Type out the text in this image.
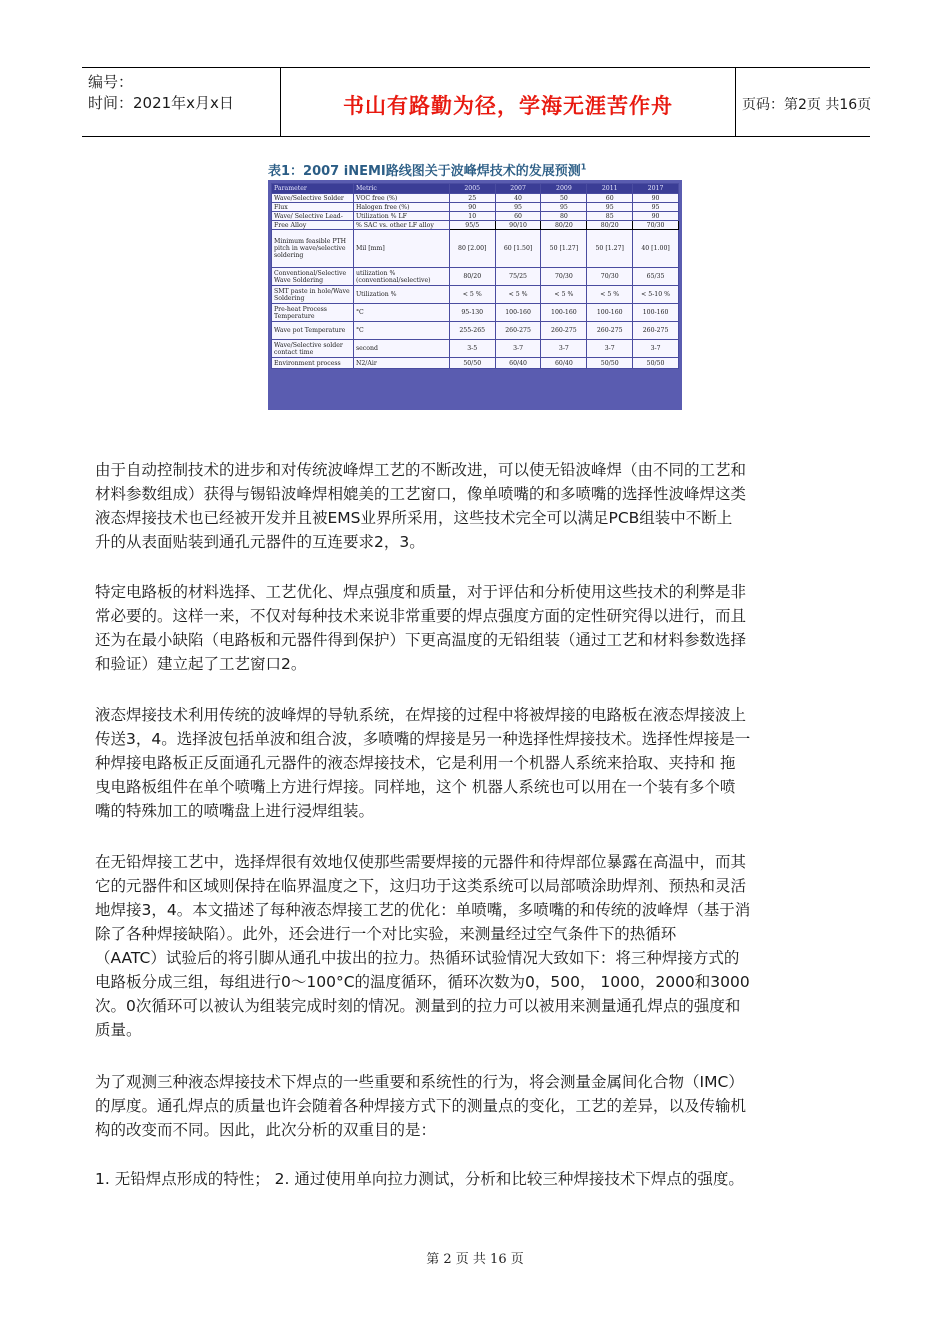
编号：
时间：2021年x月x日	书山有路勤为径，学海无涯苦作舟	页码：第2页 共16页
表1：2007 iNEMI路线图关于波峰焊技术的发展预测$^1$
Parameter	Metric	2005	2007	2009	2011	2017
Wave/Selective Solder	VOC free (%)	25	40	50	60	90
Flux	Halogen free (%)	90	95	95	95	95
Wave/ Selective Lead-	Utilization % LF	10	60	80	85	90
Free Alloy	% SAC vs. other LF alloy	95/5	90/10	80/20	80/20	70/30
Minimum feasible PTH pitch in wave/selective soldering	Mil [mm]	80 [2.00]	60 [1.50]	50 [1.27]	50 [1.27]	40 [1.00]
Conventional/Selective Wave Soldering	utilization % (conventional/selective)	80/20	75/25	70/30	70/30	65/35
SMT paste in hole/Wave Soldering	Utilization %	< 5 %	< 5 %	< 5 %	< 5 %	< 5-10 %
Pre-heat Process Temperature	°C	95-130	100-160	100-160	100-160	100-160
Wave pot Temperature	°C	255-265	260-275	260-275	260-275	260-275
Wave/Selective solder contact time	second	3-5	3-7	3-7	3-7	3-7
Environment process	N2/Air	50/50	60/40	60/40	50/50	50/50
由于自动控制技术的进步和对传统波峰焊工艺的不断改进，可以使无铅波峰焊（由不同的工艺和
材料参数组成）获得与锡铅波峰焊相媲美的工艺窗口，像单喷嘴的和多喷嘴的选择性波峰焊这类
液态焊接技术也已经被开发并且被EMS业界所采用，这些技术完全可以满足PCB组装中不断上
升的从表面贴装到通孔元器件的互连要求2，3。
特定电路板的材料选择、工艺优化、焊点强度和质量，对于评估和分析使用这些技术的利弊是非
常必要的。这样一来，不仅对每种技术来说非常重要的焊点强度方面的定性研究得以进行，而且
还为在最小缺陷（电路板和元器件得到保护）下更高温度的无铅组装（通过工艺和材料参数选择
和验证）建立起了工艺窗口2。
液态焊接技术利用传统的波峰焊的导轨系统，在焊接的过程中将被焊接的电路板在液态焊接波上
传送3，4。选择波包括单波和组合波，多喷嘴的焊接是另一种选择性焊接技术。选择性焊接是一
种焊接电路板正反面通孔元器件的液态焊接技术，它是利用一个机器人系统来拾取、夹持和 拖
曳电路板组件在单个喷嘴上方进行焊接。同样地，这个 机器人系统也可以用在一个装有多个喷
嘴的特殊加工的喷嘴盘上进行浸焊组装。
在无铅焊接工艺中，选择焊很有效地仅使那些需要焊接的元器件和待焊部位暴露在高温中，而其
它的元器件和区域则保持在临界温度之下，这归功于这类系统可以局部喷涂助焊剂、预热和灵活
地焊接3，4。本文描述了每种液态焊接工艺的优化：单喷嘴，多喷嘴的和传统的波峰焊（基于消
除了各种焊接缺陷）。此外，还会进行一个对比实验，来测量经过空气条件下的热循环
（AATC）试验后的将引脚从通孔中拔出的拉力。热循环试验情况大致如下：将三种焊接方式的
电路板分成三组，每组进行0～100°C的温度循环，循环次数为0，500， 1000，2000和3000
次。0次循环可以被认为组装完成时刻的情况。测量到的拉力可以被用来测量通孔焊点的强度和
质量。
为了观测三种液态焊接技术下焊点的一些重要和系统性的行为，将会测量金属间化合物（IMC）
的厚度。通孔焊点的质量也许会随着各种焊接方式下的测量点的变化，工艺的差异，以及传输机
构的改变而不同。因此，此次分析的双重目的是：
1. 无铅焊点形成的特性； 2. 通过使用单向拉力测试，分析和比较三种焊接技术下焊点的强度。
第 2 页 共 16 页
